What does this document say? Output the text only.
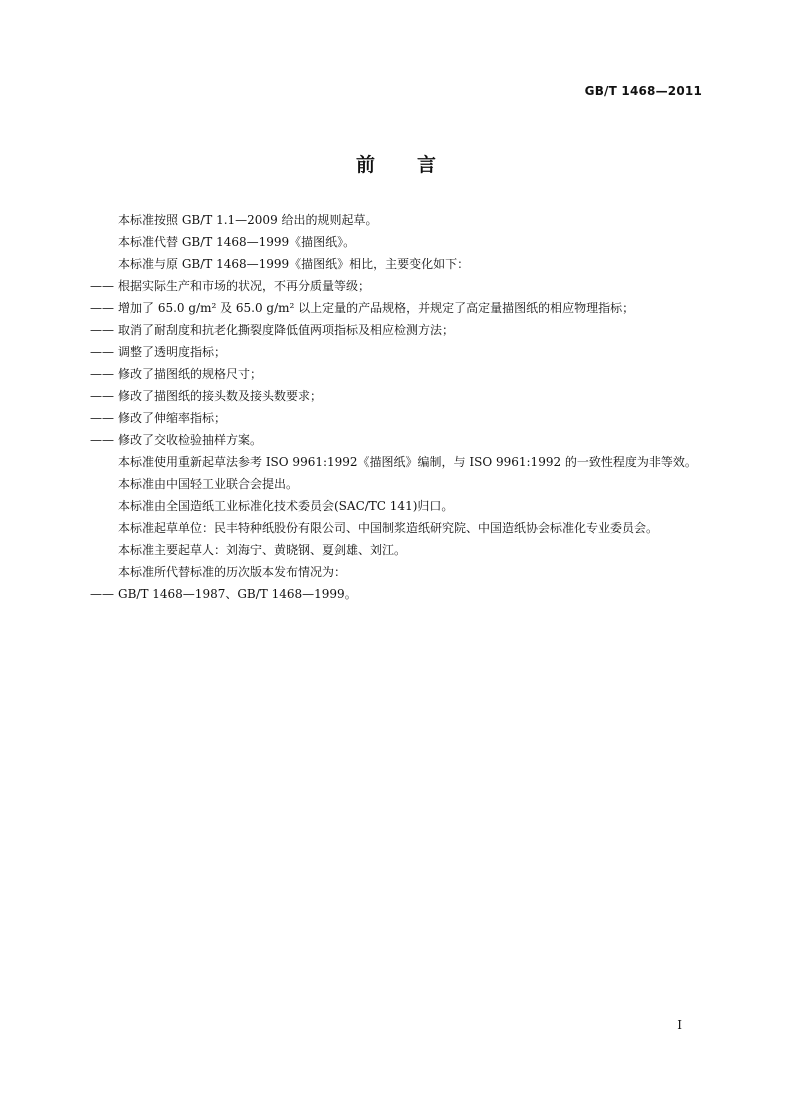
GB/T 1468—2011
前言

本标准按照 GB/T 1.1—2009 给出的规则起草。

本标准代替 GB/T 1468—1999《描图纸》。

本标准与原 GB/T 1468—1999《描图纸》相比，主要变化如下：

—— 根据实际生产和市场的状况，不再分质量等级；
—— 增加了 65.0 g/m² 及 65.0 g/m² 以上定量的产品规格，并规定了高定量描图纸的相应物理指标；
—— 取消了耐刮度和抗老化撕裂度降低值两项指标及相应检测方法；
—— 调整了透明度指标；
—— 修改了描图纸的规格尺寸；
—— 修改了描图纸的接头数及接头数要求；
—— 修改了伸缩率指标；
—— 修改了交收检验抽样方案。

本标准使用重新起草法参考 ISO 9961:1992《描图纸》编制，与 ISO 9961:1992 的一致性程度为非等效。

本标准由中国轻工业联合会提出。

本标准由全国造纸工业标准化技术委员会(SAC/TC 141)归口。

本标准起草单位：民丰特种纸股份有限公司、中国制浆造纸研究院、中国造纸协会标准化专业委员会。

本标准主要起草人：刘海宁、黄晓钢、夏剑雄、刘江。

本标准所代替标准的历次版本发布情况为：

—— GB/T 1468—1987、GB/T 1468—1999。
I
